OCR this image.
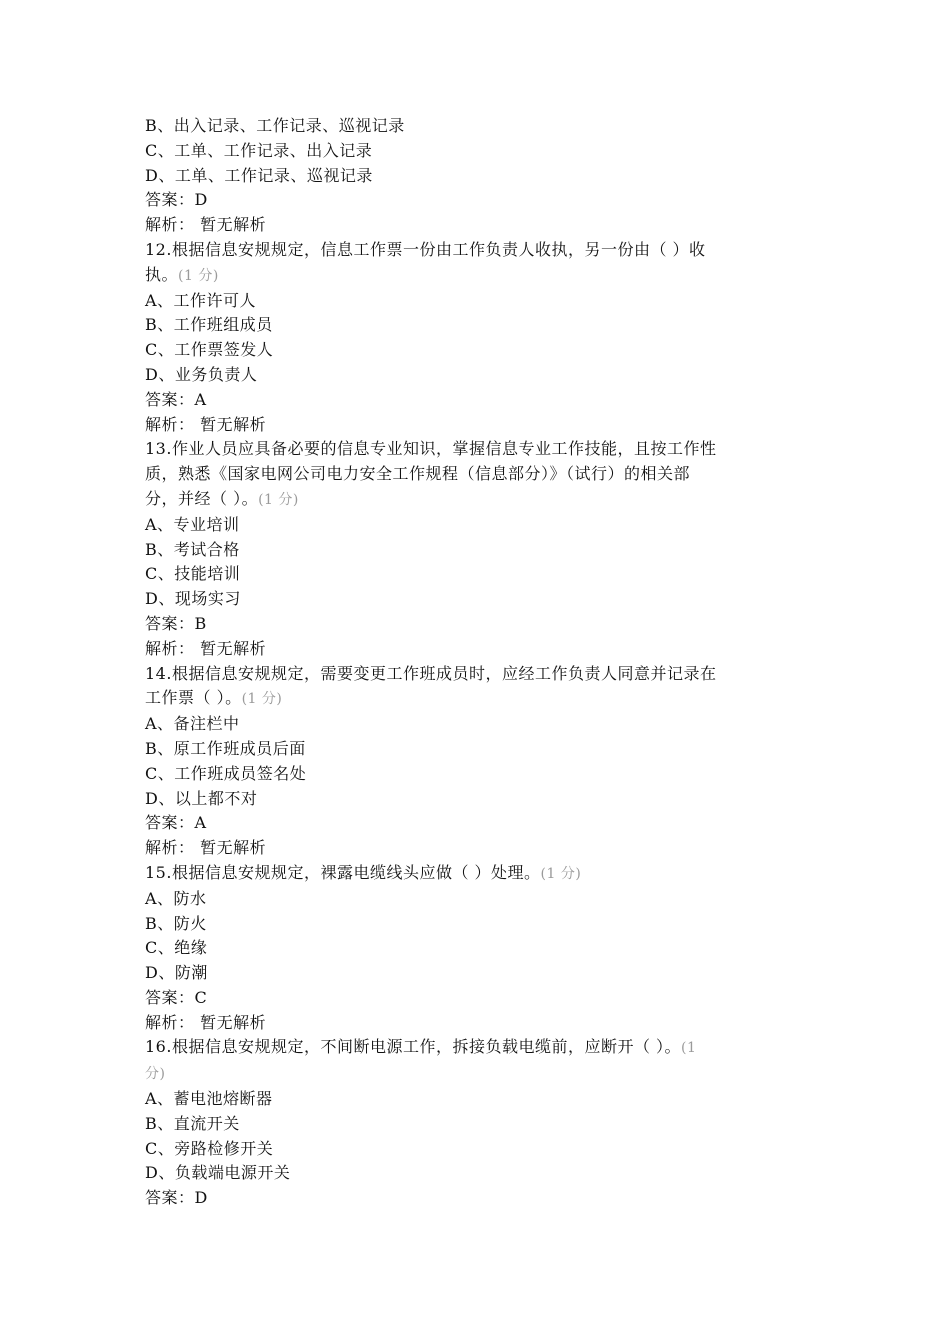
B、出入记录、工作记录、巡视记录
C、工单、工作记录、出入记录
D、工单、工作记录、巡视记录
答案：D
解析： 暂无解析
12.根据信息安规规定，信息工作票一份由工作负责人收执，另一份由（ ）收
执。(1 分)
A、工作许可人
B、工作班组成员
C、工作票签发人
D、业务负责人
答案：A
解析： 暂无解析
13.作业人员应具备必要的信息专业知识，掌握信息专业工作技能，且按工作性
质，熟悉《国家电网公司电力安全工作规程（信息部分）》（试行）的相关部
分，并经（ ）。(1 分)
A、专业培训
B、考试合格
C、技能培训
D、现场实习
答案：B
解析： 暂无解析
14.根据信息安规规定，需要变更工作班成员时，应经工作负责人同意并记录在
工作票（ ）。(1 分)
A、备注栏中
B、原工作班成员后面
C、工作班成员签名处
D、以上都不对
答案：A
解析： 暂无解析
15.根据信息安规规定，裸露电缆线头应做（ ）处理。(1 分)
A、防水
B、防火
C、绝缘
D、防潮
答案：C
解析： 暂无解析
16.根据信息安规规定，不间断电源工作，拆接负载电缆前，应断开（ ）。(1
分)
A、蓄电池熔断器
B、直流开关
C、旁路检修开关
D、负载端电源开关
答案：D
